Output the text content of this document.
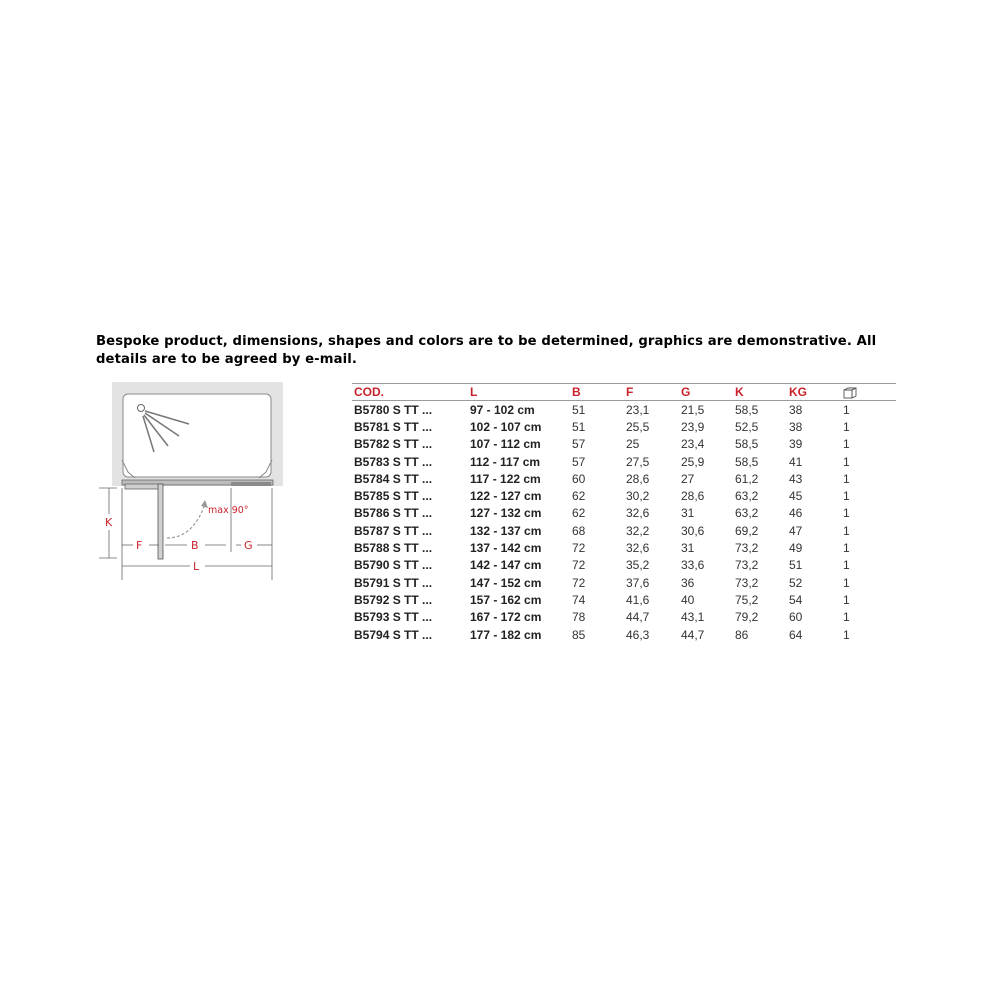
Bespoke product, dimensions, shapes and colors are to be determined, graphics are demonstrative. All details are to be agreed by e-mail.
max 90°
K
F	B	G
L
COD.	L	B	F	G	K	KG	
B5780 S TT ...	97 - 102 cm	51	23,1	21,5	58,5	38	1
B5781 S TT ...	102 - 107 cm	51	25,5	23,9	52,5	38	1
B5782 S TT ...	107 - 112 cm	57	25	23,4	58,5	39	1
B5783 S TT ...	112 - 117 cm	57	27,5	25,9	58,5	41	1
B5784 S TT ...	117 - 122 cm	60	28,6	27	61,2	43	1
B5785 S TT ...	122 - 127 cm	62	30,2	28,6	63,2	45	1
B5786 S TT ...	127 - 132 cm	62	32,6	31	63,2	46	1
B5787 S TT ...	132 - 137 cm	68	32,2	30,6	69,2	47	1
B5788 S TT ...	137 - 142 cm	72	32,6	31	73,2	49	1
B5790 S TT ...	142 - 147 cm	72	35,2	33,6	73,2	51	1
B5791 S TT ...	147 - 152 cm	72	37,6	36	73,2	52	1
B5792 S TT ...	157 - 162 cm	74	41,6	40	75,2	54	1
B5793 S TT ...	167 - 172 cm	78	44,7	43,1	79,2	60	1
B5794 S TT ...	177 - 182 cm	85	46,3	44,7	86	64	1
